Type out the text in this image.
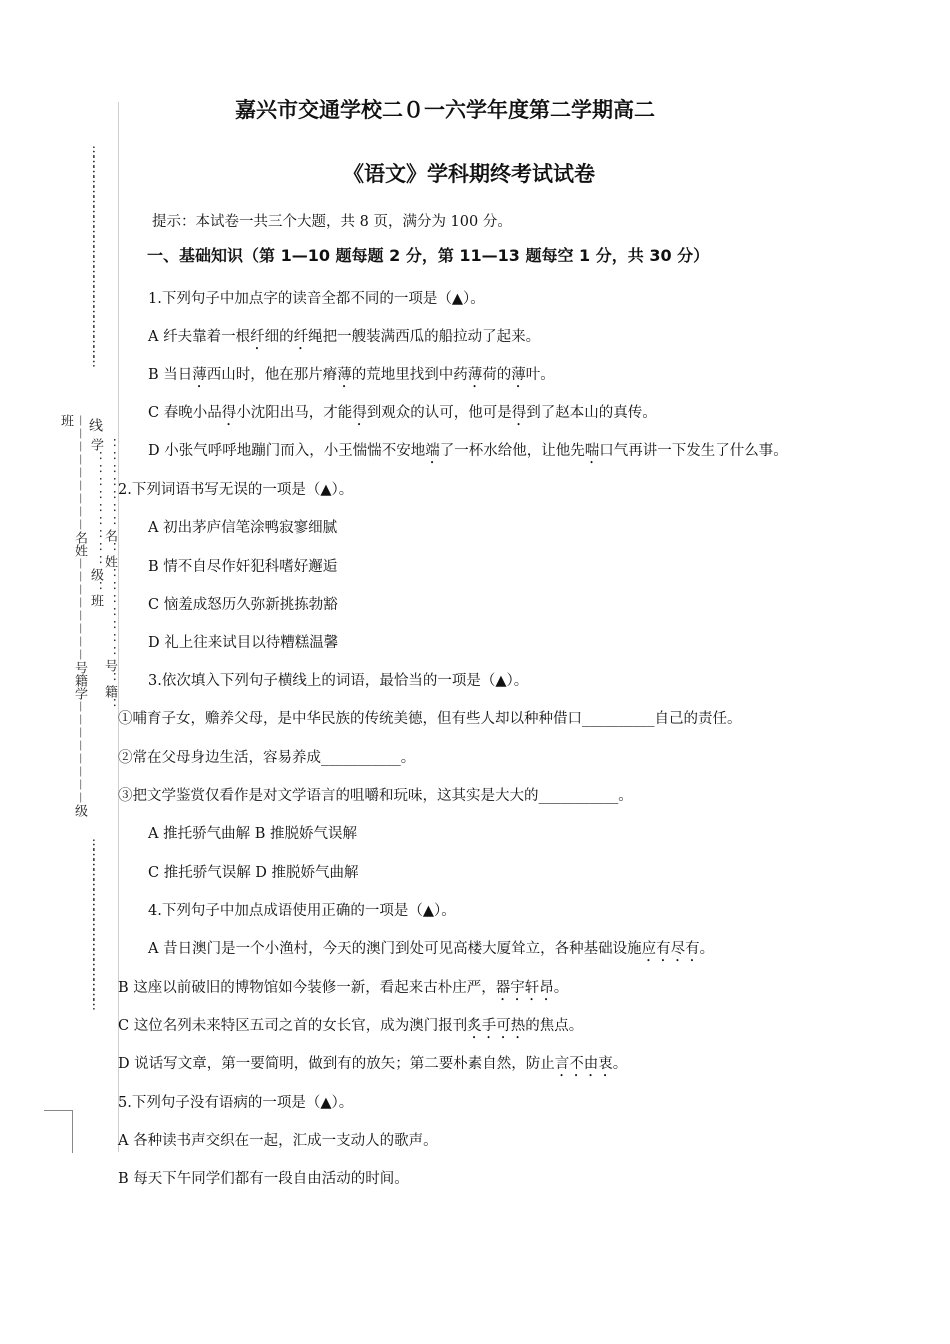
…………………………………………………………
线
－－－－－－－－－名姓－－－－－－－－号籍学－－－－－－－－级班
：：：：：：：名：姓：：：：：：：号：籍：学：：：：：：：：：级：班
……………………………………………
嘉兴市交通学校二０一六学年度第二学期高二
《语文》学科期终考试试卷
提示：本试卷一共三个大题，共 8 页，满分为 100 分。
一、基础知识（第 1—10 题每题 2 分，第 11—13 题每空 1 分，共 30 分）
1.下列句子中加点字的读音全都不同的一项是（▲）。
A 纤夫靠着一根纤细的纤绳把一艘装满西瓜的船拉动了起来。
B 当日薄西山时，他在那片瘠薄的荒地里找到中药薄荷的薄叶。
C 春晚小品得小沈阳出马，才能得到观众的认可，他可是得到了赵本山的真传。
D 小张气呼呼地蹦门而入，小王惴惴不安地端了一杯水给他，让他先喘口气再讲一下发生了什么事。
2.下列词语书写无误的一项是（▲）。
A 初出茅庐信笔涂鸭寂寥细腻
B 情不自尽作奸犯科嗜好邂逅
C 恼羞成怒历久弥新挑拣勃豁
D 礼上往来试目以待糟糕温馨
3.依次填入下列句子横线上的词语，最恰当的一项是（▲）。
①哺育子女，赡养父母，是中华民族的传统美德，但有些人却以种种借口__________自己的责任。
②常在父母身边生活，容易养成___________。
③把文学鉴赏仅看作是对文学语言的咀嚼和玩味，这其实是大大的___________。
A 推托骄气曲解 B 推脱娇气误解
C 推托骄气误解 D 推脱娇气曲解
4.下列句子中加点成语使用正确的一项是（▲）。
A 昔日澳门是一个小渔村，今天的澳门到处可见高楼大厦耸立，各种基础设施应有尽有。
B 这座以前破旧的博物馆如今装修一新，看起来古朴庄严，器宇轩昂。
C 这位名列未来特区五司之首的女长官，成为澳门报刊炙手可热的焦点。
D 说话写文章，第一要简明，做到有的放矢；第二要朴素自然，防止言不由衷。
5.下列句子没有语病的一项是（▲）。
A 各种读书声交织在一起，汇成一支动人的歌声。
B 每天下午同学们都有一段自由活动的时间。
